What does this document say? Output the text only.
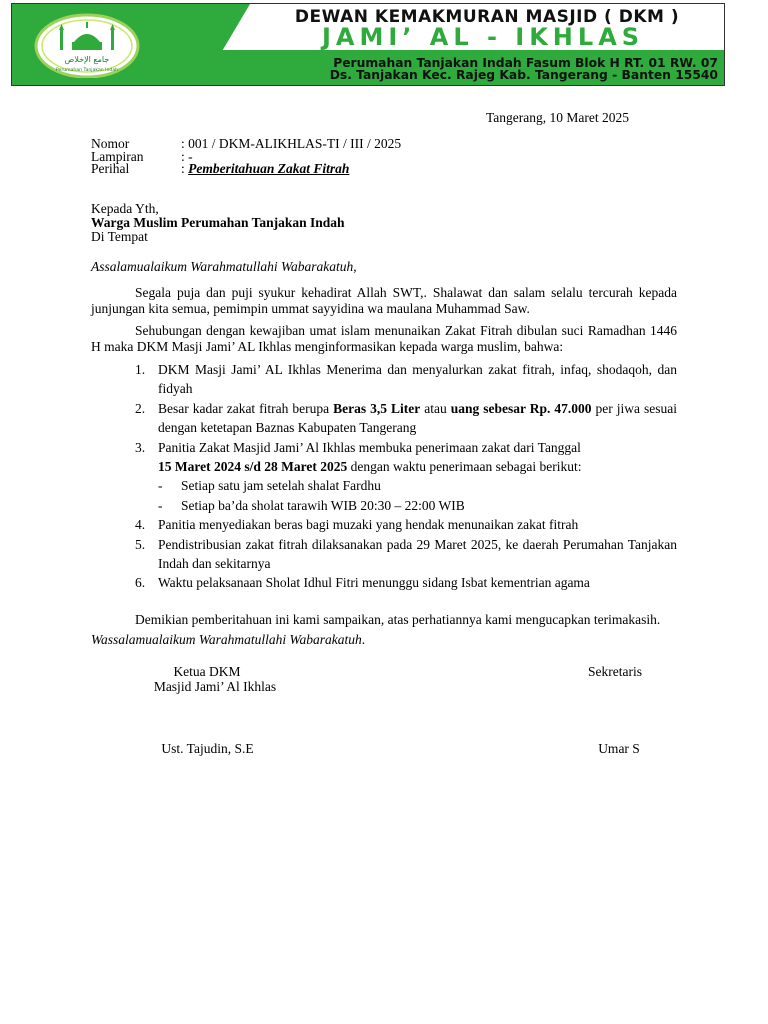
ﺟﺎﻣﻊ ﺍﻹﺧﻼﺹ
Perumahan Tanjakan Indah
DEWAN KEMAKMURAN MASJID ( DKM )
JAMI’ AL - IKHLAS
Perumahan Tanjakan Indah Fasum Blok H RT. 01 RW. 07
Ds. Tanjakan Kec. Rajeg Kab. Tangerang - Banten 15540
Tangerang, 10 Maret 2025
Nomor	: 001 / DKM-ALIKHLAS-TI / III / 2025
Lampiran	: -
Perihal	: Pemberitahuan Zakat Fitrah
Kepada Yth,
Warga Muslim Perumahan Tanjakan Indah
Di Tempat
Assalamualaikum Warahmatullahi Wabarakatuh,
Segala puja dan puji syukur kehadirat Allah SWT,. Shalawat dan salam selalu tercurah kepada junjungan kita semua, pemimpin ummat sayyidina wa maulana Muhammad Saw.
Sehubungan dengan kewajiban umat islam menunaikan Zakat Fitrah dibulan suci Ramadhan 1446 H maka DKM Masji Jami’ AL Ikhlas menginformasikan kepada warga muslim, bahwa:
1. DKM Masji Jami’ AL Ikhlas Menerima dan menyalurkan zakat fitrah, infaq, shodaqoh, dan fidyah
2. Besar kadar zakat fitrah berupa Beras 3,5 Liter atau uang sebesar Rp. 47.000 per jiwa sesuai dengan ketetapan Baznas Kabupaten Tangerang
3. Panitia Zakat Masjid Jami’ Al Ikhlas membuka penerimaan zakat dari Tanggal
15 Maret 2024 s/d 28 Maret 2025 dengan waktu penerimaan sebagai berikut:
- Setiap satu jam setelah shalat Fardhu
- Setiap ba’da sholat tarawih WIB 20:30 – 22:00 WIB
4. Panitia menyediakan beras bagi muzaki yang hendak menunaikan zakat fitrah
5. Pendistribusian zakat fitrah dilaksanakan pada 29 Maret 2025, ke daerah Perumahan Tanjakan Indah dan sekitarnya
6. Waktu pelaksanaan Sholat Idhul Fitri menunggu sidang Isbat kementrian agama
Demikian pemberitahuan ini kami sampaikan, atas perhatiannya kami mengucapkan terimakasih.
Wassalamualaikum Warahmatullahi Wabarakatuh.
Ketua DKM
Masjid Jami’ Al Ikhlas
Sekretaris
Ust. Tajudin, S.E	Umar S
